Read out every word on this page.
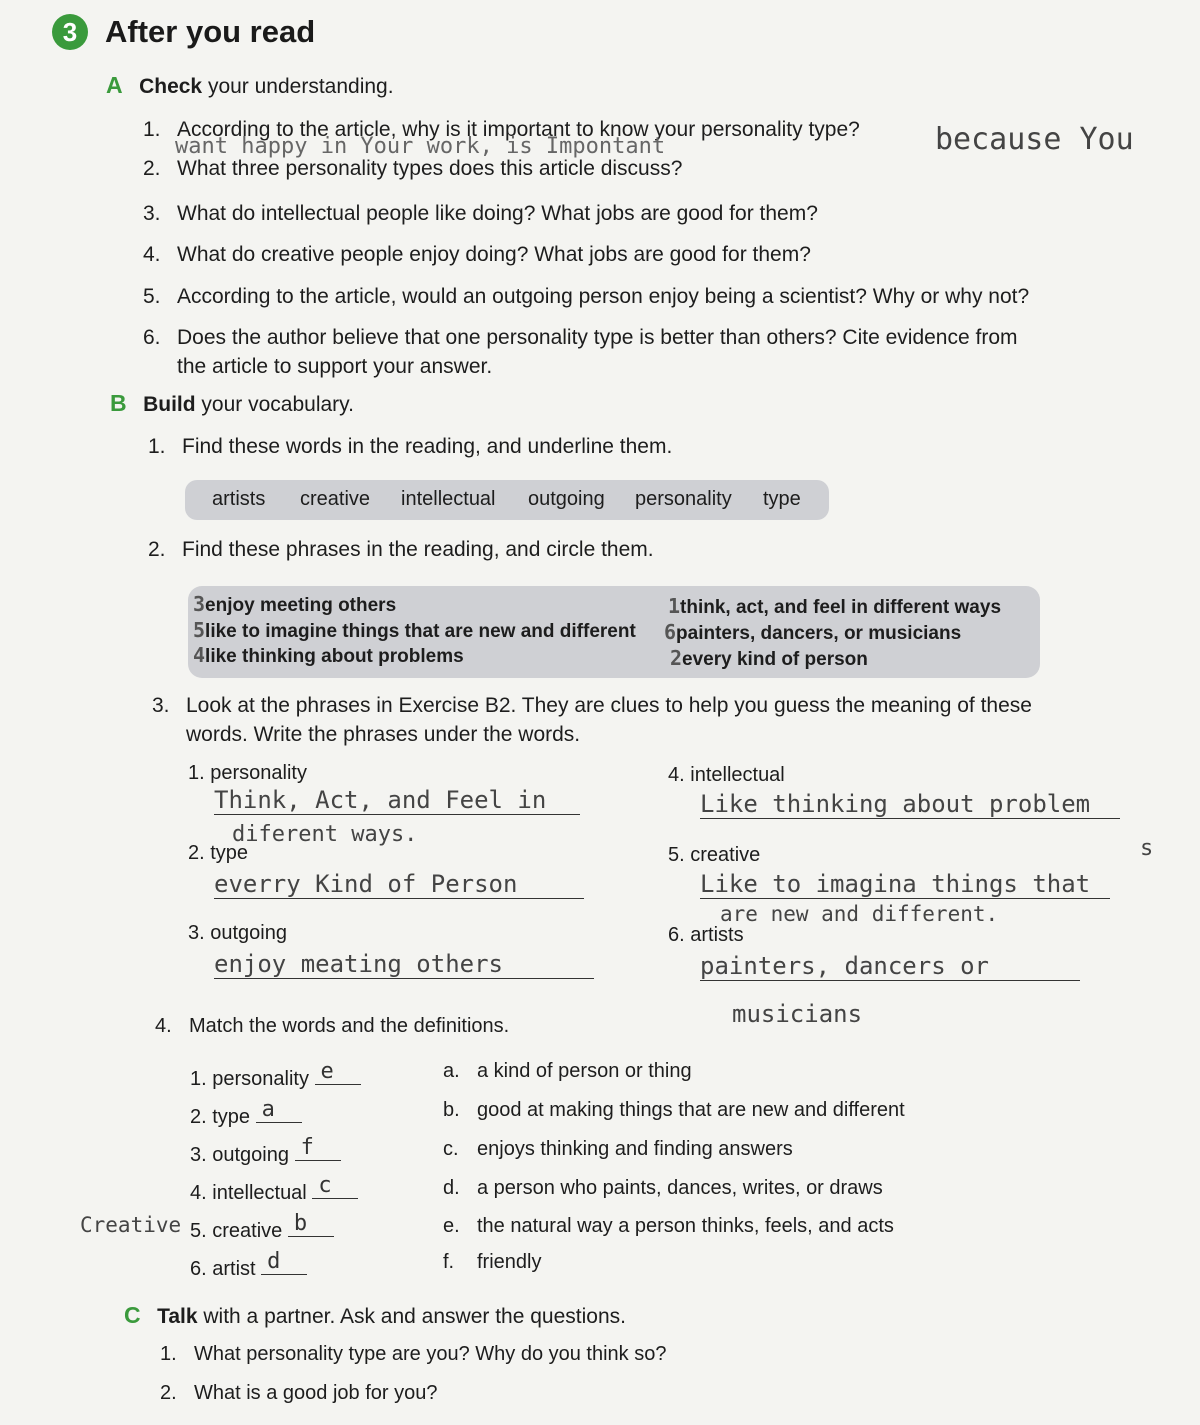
3 After you read
A Check your understanding.
1. According to the article, why is it important to know your personality type?
2. What three personality types does this article discuss?
because You
want happy in Your work, is Impontant
3. What do intellectual people like doing? What jobs are good for them?
4. What do creative people enjoy doing? What jobs are good for them?
5. According to the article, would an outgoing person enjoy being a scientist? Why or why not?
6. Does the author believe that one personality type is better than others? Cite evidence from
the article to support your answer.
B Build your vocabulary.
1. Find these words in the reading, and underline them.
artists creative intellectual outgoing personality type
2. Find these phrases in the reading, and circle them.
3enjoy meeting others
5like to imagine things that are new and different
4like thinking about problems
1think, act, and feel in different ways
6painters, dancers, or musicians
2every kind of person
3. Look at the phrases in Exercise B2. They are clues to help you guess the meaning of these
words. Write the phrases under the words.
1. personality
Think, Act, and Feel in
diferent ways.
2. type
everry Kind of Person
3. outgoing
enjoy meating others
4. intellectual
Like thinking about problem
s
5. creative
Like to imagina things that
are new and different.
6. artists
painters, dancers or
musicians
4. Match the words and the definitions.
Creative
1. personality e
2. type a
3. outgoing f
4. intellectual c
5. creative b
6. artist d
a. a kind of person or thing
b. good at making things that are new and different
c. enjoys thinking and finding answers
d. a person who paints, dances, writes, or draws
e. the natural way a person thinks, feels, and acts
f. friendly
C Talk with a partner. Ask and answer the questions.
1. What personality type are you? Why do you think so?
2. What is a good job for you?
